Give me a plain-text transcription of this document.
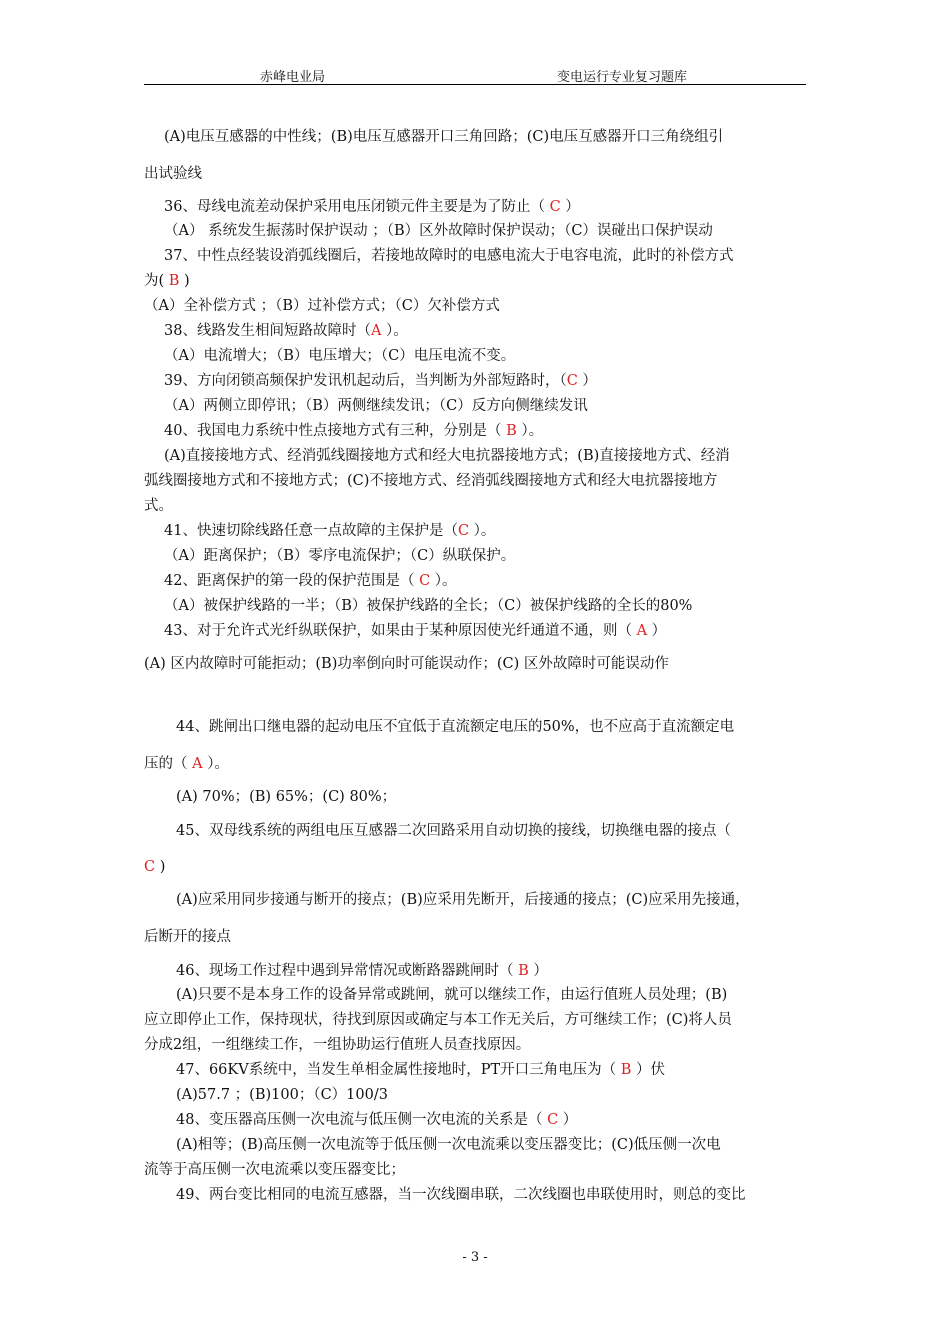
赤峰电业局	变电运行专业复习题库
(A)电压互感器的中性线；(B)电压互感器开口三角回路；(C)电压互感器开口三角绕组引
出试验线
36、母线电流差动保护采用电压闭锁元件主要是为了防止（ C ）
（A） 系统发生振荡时保护误动 ；（B）区外故障时保护误动；（C）误碰出口保护误动
37、中性点经装设消弧线圈后，若接地故障时的电感电流大于电容电流，此时的补偿方式
为( B )
（A）全补偿方式 ；（B）过补偿方式；（C）欠补偿方式
38、线路发生相间短路故障时（A ）。
（A）电流增大；（B）电压增大；（C）电压电流不变。
39、方向闭锁高频保护发讯机起动后，当判断为外部短路时，（C ）
（A）两侧立即停讯；（B）两侧继续发讯；（C）反方向侧继续发讯
40、我国电力系统中性点接地方式有三种，分别是（ B ）。
(A)直接接地方式、经消弧线圈接地方式和经大电抗器接地方式；(B)直接接地方式、经消
弧线圈接地方式和不接地方式；(C)不接地方式、经消弧线圈接地方式和经大电抗器接地方
式。
41、快速切除线路任意一点故障的主保护是（C ）。
（A）距离保护；（B）零序电流保护；（C）纵联保护。
42、距离保护的第一段的保护范围是（ C ）。
（A）被保护线路的一半；（B）被保护线路的全长；（C）被保护线路的全长的80%
43、对于允许式光纤纵联保护，如果由于某种原因使光纤通道不通，则（ A ）
(A) 区内故障时可能拒动；(B)功率倒向时可能误动作；(C) 区外故障时可能误动作
44、跳闸出口继电器的起动电压不宜低于直流额定电压的50%，也不应高于直流额定电
压的（ A ）。
(A) 70%；(B) 65%；(C) 80%；
45、双母线系统的两组电压互感器二次回路采用自动切换的接线，切换继电器的接点（
C )
(A)应采用同步接通与断开的接点；(B)应采用先断开，后接通的接点；(C)应采用先接通，
后断开的接点
46、现场工作过程中遇到异常情况或断路器跳闸时（ B ）
(A)只要不是本身工作的设备异常或跳闸，就可以继续工作，由运行值班人员处理；(B)
应立即停止工作，保持现状，待找到原因或确定与本工作无关后，方可继续工作；(C)将人员
分成2组，一组继续工作，一组协助运行值班人员查找原因。
47、66KV系统中，当发生单相金属性接地时，PT开口三角电压为（ B ）伏
(A)57.7 ；(B)100；（C）100/3
48、变压器高压侧一次电流与低压侧一次电流的关系是（ C ）
(A)相等；(B)高压侧一次电流等于低压侧一次电流乘以变压器变比；(C)低压侧一次电
流等于高压侧一次电流乘以变压器变比；
49、两台变比相同的电流互感器，当一次线圈串联，二次线圈也串联使用时，则总的变比
- 3 -
